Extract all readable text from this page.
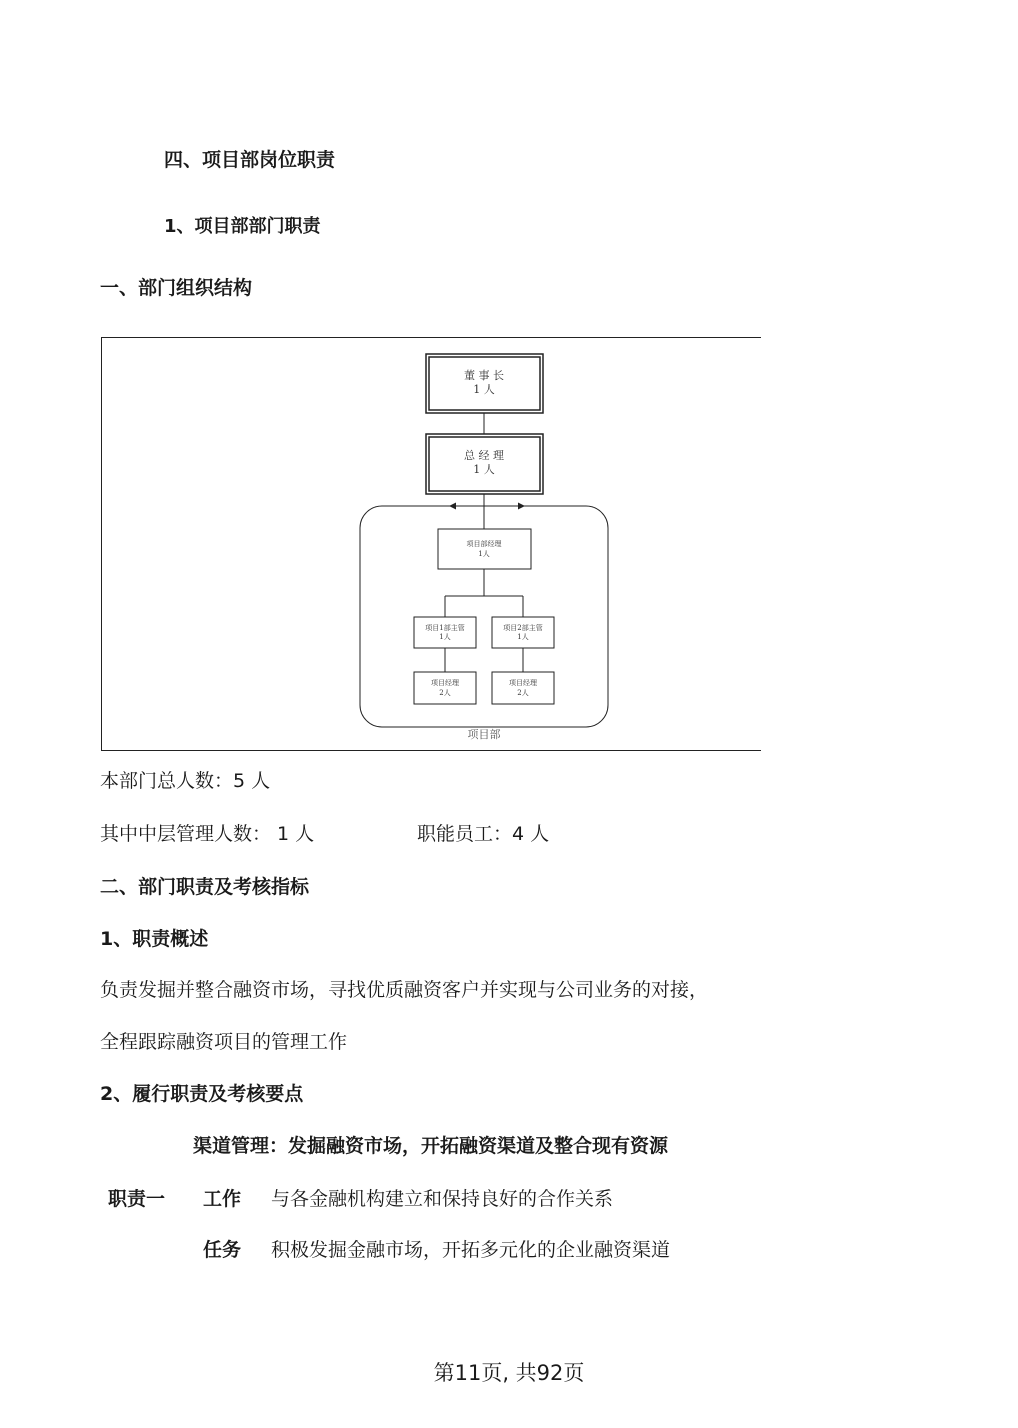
四、项目部岗位职责
1、项目部部门职责
一、部门组织结构
董 事 长
1 人
总 经 理
1 人
项目部
项目部经理
1人
项目1部主管
1人
项目2部主管
1人
项目经理
2人
项目经理
2人
本部门总人数：5 人
其中中层管理人数： 1 人	职能员工：4 人
二、部门职责及考核指标
1、职责概述
负责发掘并整合融资市场，寻找优质融资客户并实现与公司业务的对接，
全程跟踪融资项目的管理工作
2、履行职责及考核要点
渠道管理：发掘融资市场，开拓融资渠道及整合现有资源
职责一 工作 与各金融机构建立和保持良好的合作关系
任务 积极发掘金融市场，开拓多元化的企业融资渠道
第11页, 共92页
